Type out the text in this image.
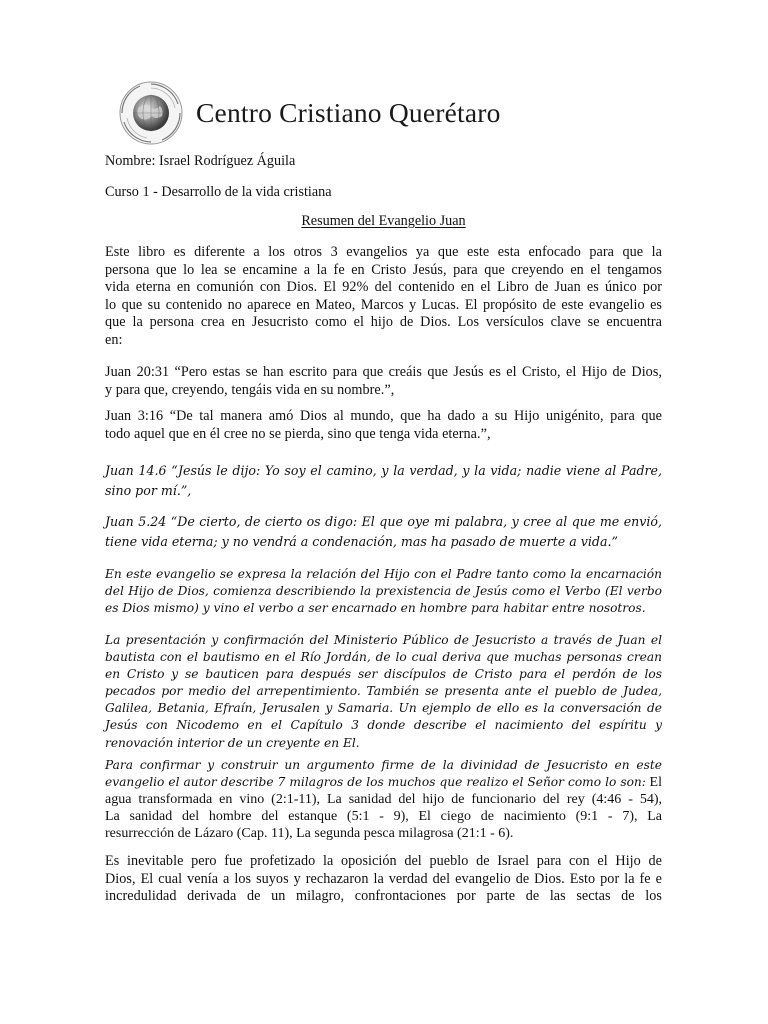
Centro Cristiano Querétaro
Nombre: Israel Rodríguez Águila
Curso 1 - Desarrollo de la vida cristiana
Resumen del Evangelio Juan

Este libro es diferente a los otros 3 evangelios ya que este esta enfocado para que la
persona que lo lea se encamine a la fe en Cristo Jesús, para que creyendo en el tengamos
vida eterna en comunión con Dios. El 92% del contenido en el Libro de Juan es único por
lo que su contenido no aparece en Mateo, Marcos y Lucas. El propósito de este evangelio es
que la persona crea en Jesucristo como el hijo de Dios. Los versículos clave se encuentra
en:

Juan 20:31 “Pero estas se han escrito para que creáis que Jesús es el Cristo, el Hijo de Dios,
y para que, creyendo, tengáis vida en su nombre.”,

Juan 3:16 “De tal manera amó Dios al mundo, que ha dado a su Hijo unigénito, para que
todo aquel que en él cree no se pierda, sino que tenga vida eterna.”,

Juan 14.6 “Jesús le dijo: Yo soy el camino, y la verdad, y la vida; nadie viene al Padre,
sino por mí.”,

Juan 5.24 “De cierto, de cierto os digo: El que oye mi palabra, y cree al que me envió,
tiene vida eterna; y no vendrá a condenación, mas ha pasado de muerte a vida.”

En este evangelio se expresa la relación del Hijo con el Padre tanto como la encarnación
del Hijo de Dios, comienza describiendo la prexistencia de Jesús como el Verbo (El verbo
es Dios mismo) y vino el verbo a ser encarnado en hombre para habitar entre nosotros.

La presentación y confirmación del Ministerio Público de Jesucristo a través de Juan el
bautista con el bautismo en el Río Jordán, de lo cual deriva que muchas personas crean
en Cristo y se bauticen para después ser discípulos de Cristo para el perdón de los
pecados por medio del arrepentimiento. También se presenta ante el pueblo de Judea,
Galilea, Betania, Efraín, Jerusalen y Samaria. Un ejemplo de ello es la conversación de
Jesús con Nicodemo en el Capítulo 3 donde describe el nacimiento del espíritu y
renovación interior de un creyente en El.

Para confirmar y construir un argumento firme de la divinidad de Jesucristo en este
evangelio el autor describe 7 milagros de los muchos que realizo el Señor como lo son: El
agua transformada en vino (2:1-11), La sanidad del hijo de funcionario del rey (4:46 - 54),
La sanidad del hombre del estanque (5:1 - 9), El ciego de nacimiento (9:1 - 7), La
resurrección de Lázaro (Cap. 11), La segunda pesca milagrosa (21:1 - 6).

Es inevitable pero fue profetizado la oposición del pueblo de Israel para con el Hijo de
Dios, El cual venía a los suyos y rechazaron la verdad del evangelio de Dios. Esto por la fe e
incredulidad derivada de un milagro, confrontaciones por parte de las sectas de los
